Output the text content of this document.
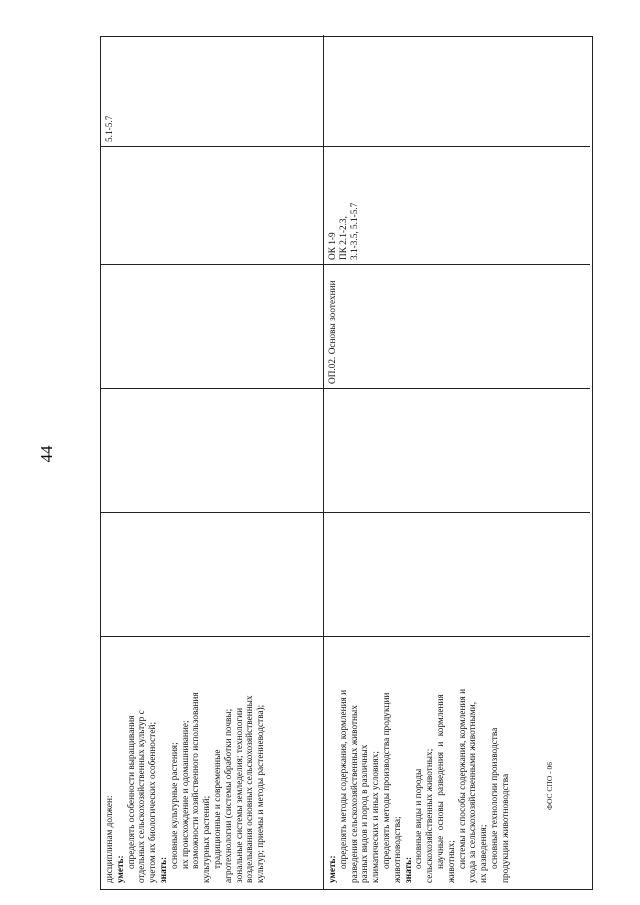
44

дисциплинам должен: уметь:

определять особенности выращивания отдельных сельскохозяйственных культур с учетом их биологических особенностей; знать:

основные культурные растения; их происхождение и одомашнивание; возможности хозяйственного использования культурных растений; традиционные и современные агротехнологии (системы обработки почвы; зональные системы земледелия; технологии возделывания основных сельскохозяйственных культур; приемы и методы растениеводства);

5.1-5.7

уметь:

определять методы содержания, кормления и разведения сельскохозяйственных животных разных видов и пород в различных климатических и иных условиях; определять методы производства продукции животноводства; знать:

основные виды и породы сельскохозяйственных животных; научные основы разведения и кормления животных; системы и способы содержания, кормления и ухода за сельскохозяйственными животными, их разведения; основные технологии производства продукции животноводства

ОП.02. Основы зоотехнии
ОК 1-9
ПК 2.1-2.3,
3.1-3.5, 5.1-5.7
ФОС СПО - 06
